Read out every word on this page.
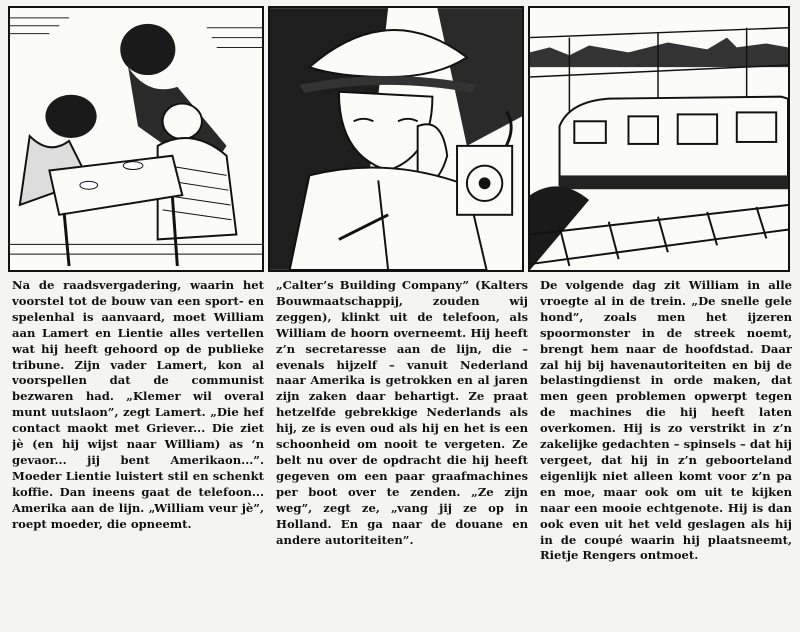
Na de raadsvergadering, waarin het voorstel tot de bouw van een sport- en spelenhal is aanvaard, moet William aan Lamert en Lientie alles vertellen wat hij heeft gehoord op de publieke tribune. Zijn vader Lamert, kon al voorspellen dat de communist bezwaren had. „Klemer wil overal munt uutslaon”, zegt Lamert. „Die hef contact maokt met Griever... Die ziet jè (en hij wijst naar William) as ‘n gevaor... jij bent Amerikaon...”. Moeder Lientie luistert stil en schenkt koffie. Dan ineens gaat de telefoon... Amerika aan de lijn. „William veur jè”, roept moeder, die opneemt.

„Calter’s Building Company” (Kalters Bouwmaatschappij, zouden wij zeggen), klinkt uit de telefoon, als William de hoorn overneemt. Hij heeft z’n secretaresse aan de lijn, die – evenals hijzelf – vanuit Nederland naar Amerika is getrokken en al jaren zijn zaken daar behartigt. Ze praat hetzelfde gebrekkige Nederlands als hij, ze is even oud als hij en het is een schoonheid om nooit te vergeten. Ze belt nu over de opdracht die hij heeft gegeven om een paar graafmachines per boot over te zenden. „Ze zijn weg”, zegt ze, „vang jij ze op in Holland. En ga naar de douane en andere autoriteiten”.

De volgende dag zit William in alle vroegte al in de trein. „De snelle gele hond”, zoals men het ijzeren spoormonster in de streek noemt, brengt hem naar de hoofdstad. Daar zal hij bij havenautoriteiten en bij de belastingdienst in orde maken, dat men geen problemen opwerpt tegen de machines die hij heeft laten overkomen. Hij is zo verstrikt in z’n zakelijke gedachten – spinsels – dat hij vergeet, dat hij in z’n geboorteland eigenlijk niet alleen komt voor z’n pa en moe, maar ook om uit te kijken naar een mooie echtgenote. Hij is dan ook even uit het veld geslagen als hij in de coupé waarin hij plaatsneemt, Rietje Rengers ontmoet.
